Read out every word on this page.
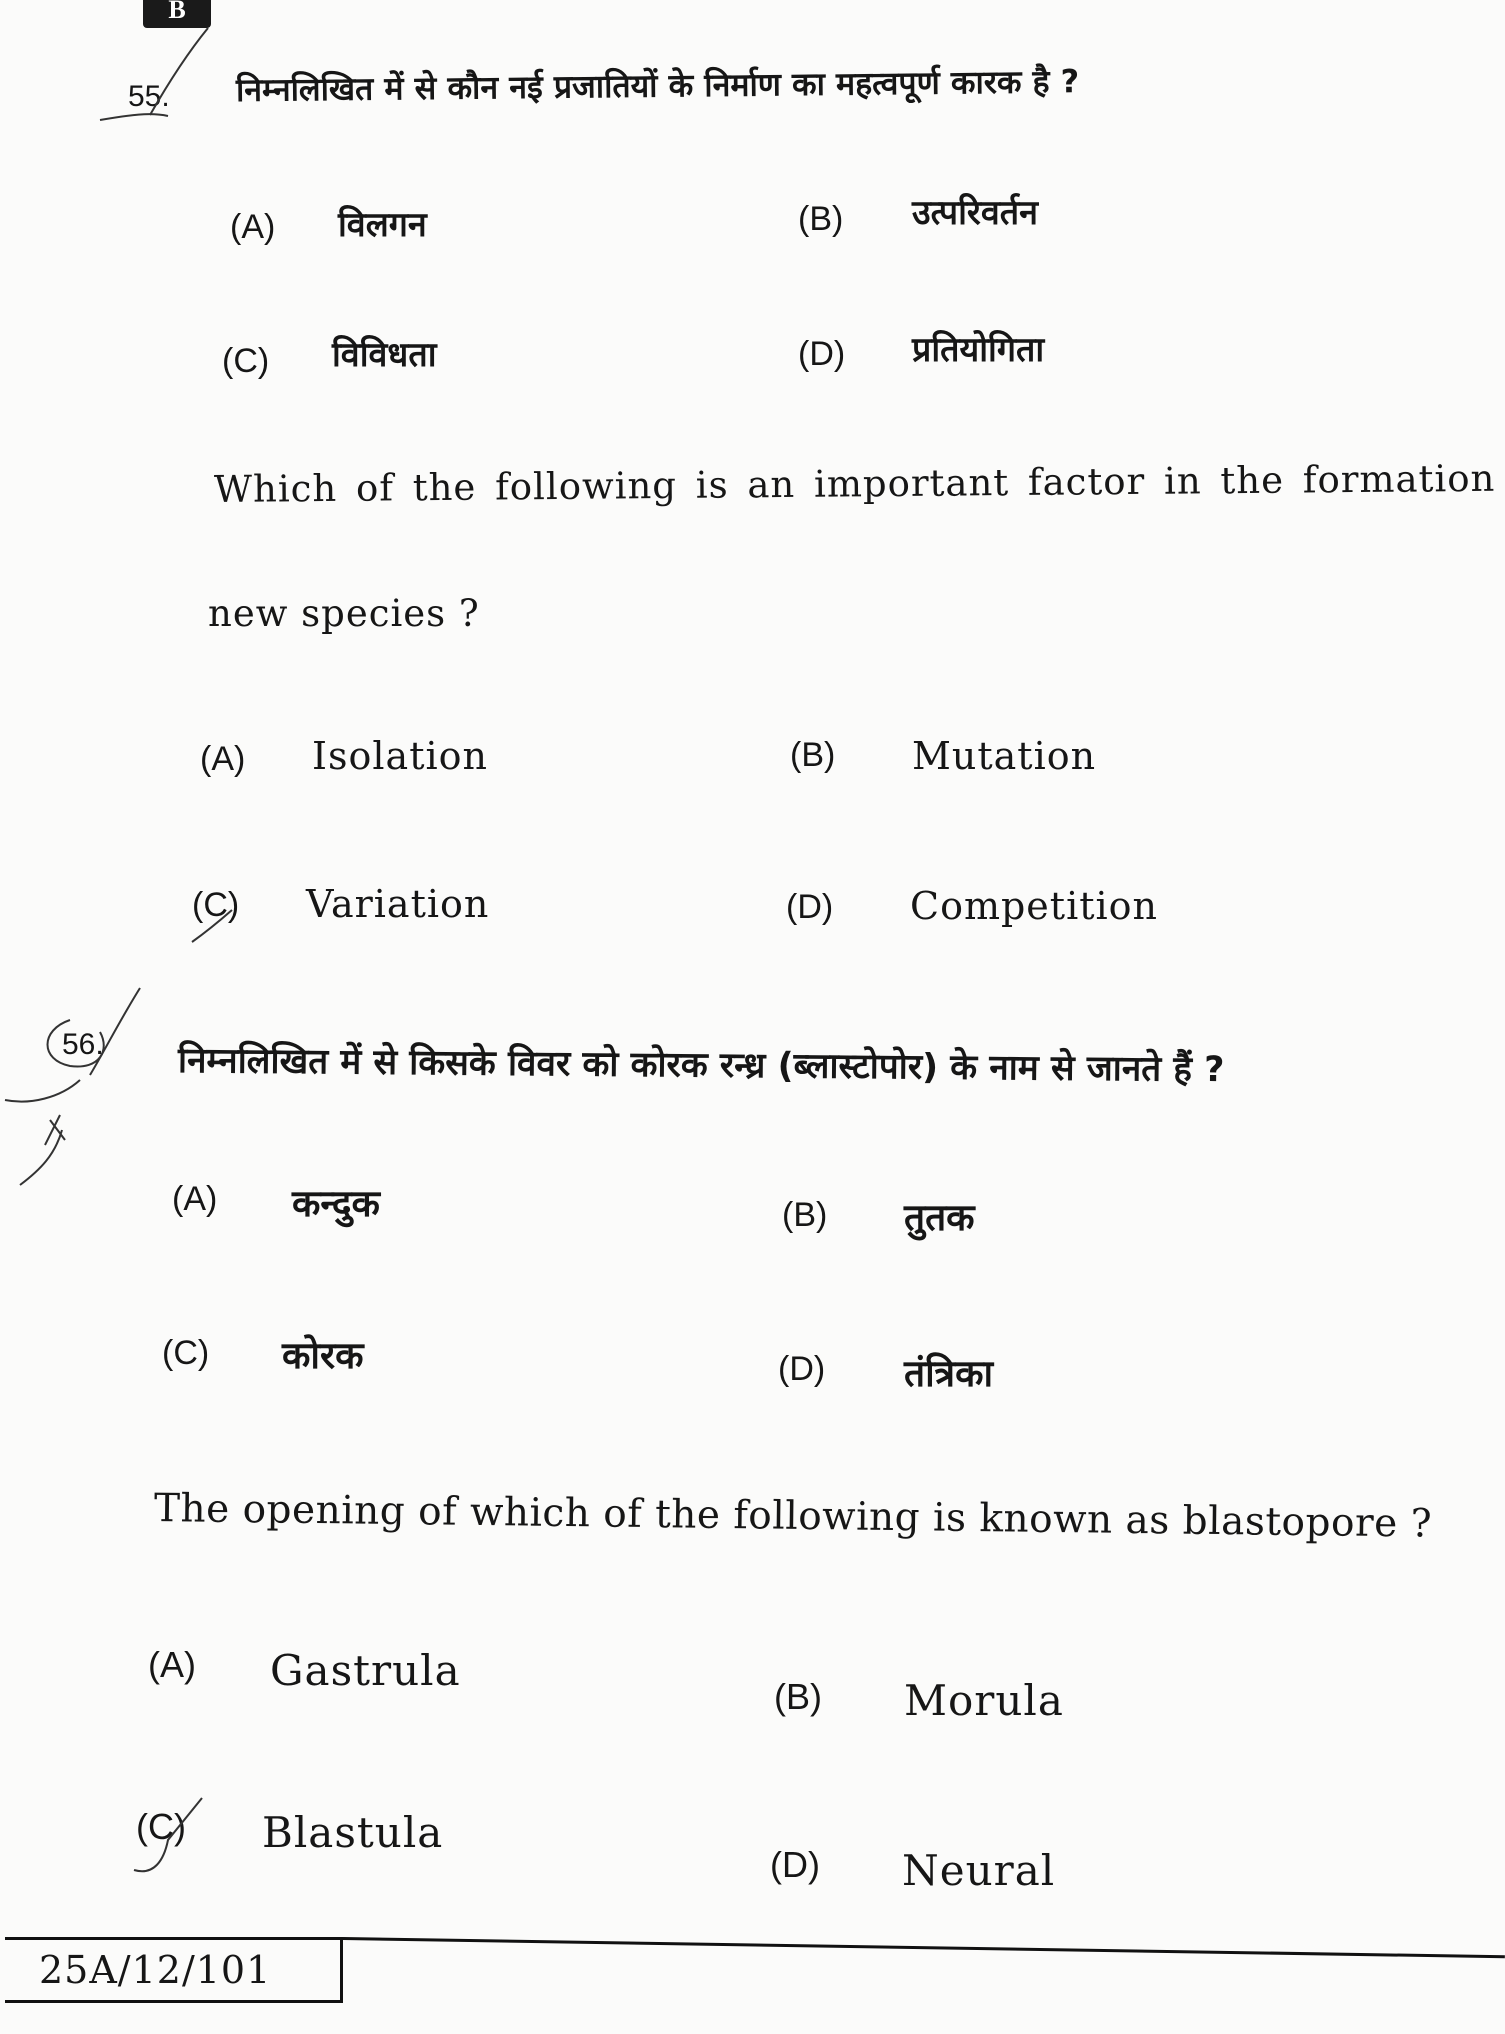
B
55. निम्नलिखित में से कौन नई प्रजातियों के निर्माण का महत्वपूर्ण कारक है ?
(A) विलगन	(B) उत्परिवर्तन
(C) विविधता	(D) प्रतियोगिता
Which of the following is an important factor in the formation
new species ?
(A) Isolation	(B) Mutation
(C) Variation	(D) Competition
56. निम्नलिखित में से किसके विवर को कोरक रन्ध्र (ब्लास्टोपोर) के नाम से जानते हैं ?
(A) कन्दुक	(B) तुतक
(C) कोरक	(D) तंत्रिका
The opening of which of the following is known as blastopore ?
(A) Gastrula
(B) Morula
(C) Blastula
(D) Neural
25A/12/101
